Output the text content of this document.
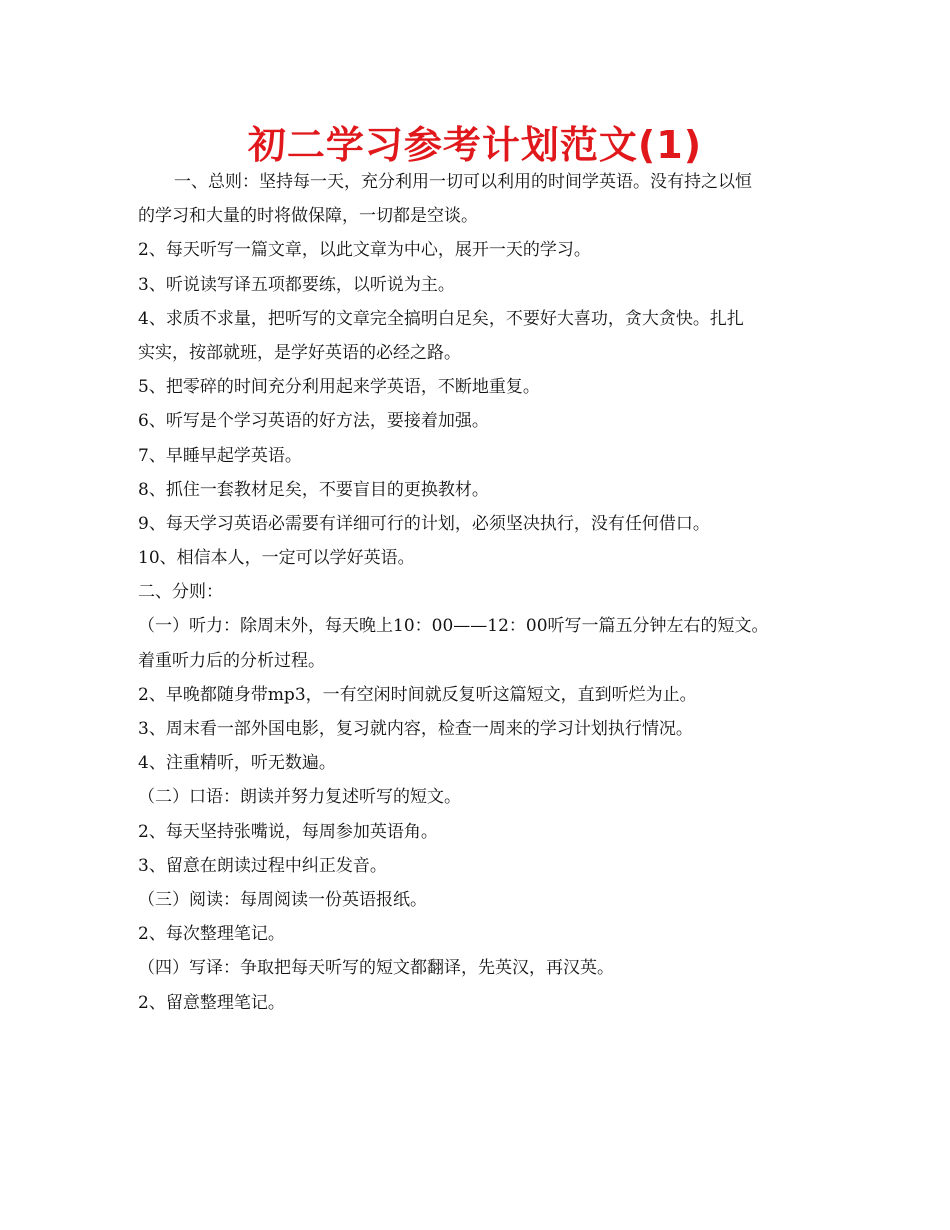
初二学习参考计划范文(1)
一、总则：坚持每一天，充分利用一切可以利用的时间学英语。没有持之以恒
的学习和大量的时将做保障，一切都是空谈。
2、每天听写一篇文章，以此文章为中心，展开一天的学习。
3、听说读写译五项都要练，以听说为主。
4、求质不求量，把听写的文章完全搞明白足矣，不要好大喜功，贪大贪快。扎扎
实实，按部就班，是学好英语的必经之路。
5、把零碎的时间充分利用起来学英语，不断地重复。
6、听写是个学习英语的好方法，要接着加强。
7、早睡早起学英语。
8、抓住一套教材足矣，不要盲目的更换教材。
9、每天学习英语必需要有详细可行的计划，必须坚决执行，没有任何借口。
10、相信本人，一定可以学好英语。
二、分则：
（一）听力：除周末外，每天晚上10：00——12：00听写一篇五分钟左右的短文。
着重听力后的分析过程。
2、早晚都随身带mp3，一有空闲时间就反复听这篇短文，直到听烂为止。
3、周末看一部外国电影，复习就内容，检查一周来的学习计划执行情况。
4、注重精听，听无数遍。
（二）口语：朗读并努力复述听写的短文。
2、每天坚持张嘴说，每周参加英语角。
3、留意在朗读过程中纠正发音。
（三）阅读：每周阅读一份英语报纸。
2、每次整理笔记。
（四）写译：争取把每天听写的短文都翻译，先英汉，再汉英。
2、留意整理笔记。
